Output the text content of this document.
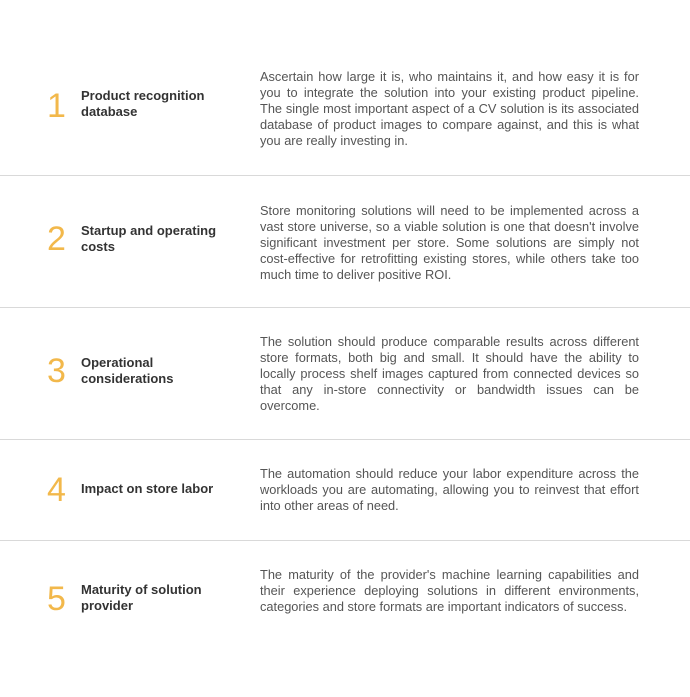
1 Product recognition database
Ascertain how large it is, who maintains it, and how easy it is for you to integrate the solution into your existing product pipeline. The single most important aspect of a CV solution is its associated database of product images to compare against, and this is what you are really investing in.
2 Startup and operating costs
Store monitoring solutions will need to be implemented across a vast store universe, so a viable solution is one that doesn't involve significant investment per store. Some solutions are simply not cost-effective for retrofitting existing stores, while others take too much time to deliver positive ROI.
3 Operational considerations
The solution should produce comparable results across different store formats, both big and small. It should have the ability to locally process shelf images captured from connected devices so that any in-store connectivity or bandwidth issues can be overcome.
4 Impact on store labor
The automation should reduce your labor expenditure across the workloads you are automating, allowing you to reinvest that effort into other areas of need.
5 Maturity of solution provider
The maturity of the provider's machine learning capabilities and their experience deploying solutions in different environments, categories and store formats are important indicators of success.
